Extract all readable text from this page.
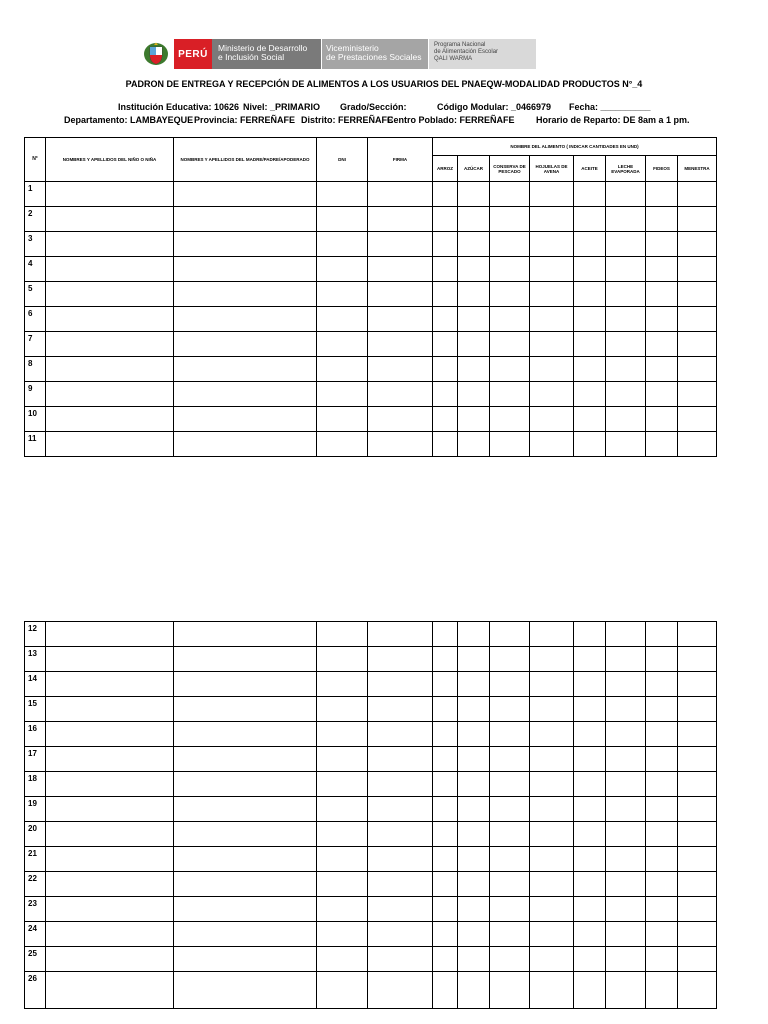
PERÚ
Ministerio de Desarrollo
e Inclusión Social
Viceministerio
de Prestaciones Sociales
Programa Nacional
de Alimentación Escolar
QALI WARMA
PADRON DE ENTREGA Y RECEPCIÓN DE ALIMENTOS A LOS USUARIOS DEL PNAEQW-MODALIDAD PRODUCTOS N°_4
Institución Educativa: 10626 Nivel: _PRIMARIO Grado/Sección:	Código Modular: _0466979 Fecha: __________
Departamento: LAMBAYEQUE Provincia: FERREÑAFE Distrito: FERREÑAFE
Centro Poblado: FERREÑAFE Horario de Reparto: DE 8am a 1 pm.
N°	NOMBRES Y APELLIDOS DEL NIÑO O NIÑA	NOMBRES Y APELLIDOS DEL MADRE/PADRE/APODERADO	DNI	FIRMA	NOMBRE DEL ALIMENTO ( INDICAR CANTIDADES EN UND)							
					ARROZ	AZÚCAR	CONSERVA DE PESCADO	HOJUELAS DE AVENA	ACEITE	LECHE EVAPORADA	FIDEOS	MENESTRA
1												
2												
3												
4												
5												
6												
7												
8												
9												
10												
11												
12												
13												
14												
15												
16												
17												
18												
19												
20												
21												
22												
23												
24												
25												
26												
